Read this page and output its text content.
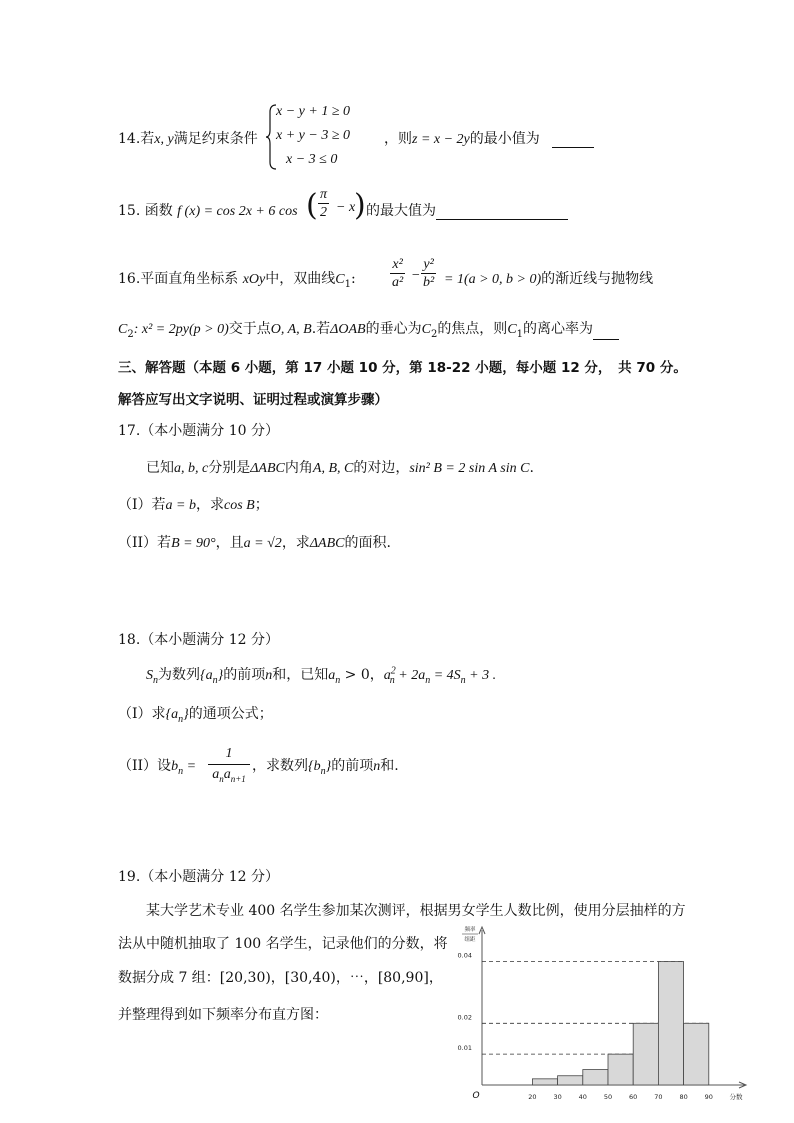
14.若x, y满足约束条件
x − y + 1 ≥ 0
x + y − 3 ≥ 0
x − 3 ≤ 0
，则z = x − 2y的最小值为
15. 函数 f (x) = cos 2x + 6 cos ( $\frac{\pi}{2} - x$
) 的最大值为
16.平面直角坐标系 xOy中，双曲线$C_1$: $\frac{\text{x²}}{\text{a²}} - \frac{\text{y²}}{\text{b²}} = 1(a > 0$, b > 0)的渐近线与抛物线
$C_2$: x² = 2py(p > 0)交于点O, A, B.若ΔOAB的垂心为$C_2$的焦点，则$C_1$的离心率为
三、解答题（本题 6 小题，第 17 小题 10 分，第 18-22 小题，每小题 12 分，　共 70 分。
解答应写出文字说明、证明过程或演算步骤）
17.（本小题满分 10 分）
已知a, b, c分别是ΔABC内角A, B, C的对边，sin² B = 2 sin A sin C.
（I）若a = b，求cos B；
（II）若B = 90°，且a = √2，求ΔABC的面积.
18.（本小题满分 12 分）
$S_n$为数列$\{a_n\}$的前项n和，已知$a_n > 0$，$a^2_n + 2a_n = 4S_n + 3$ .
（I）求$\{a_n\}$的通项公式；
（II）设$b_n$ =
1
$a_na_{n+1}$
，求数列$\{b_n\}$的前项n和.
19.（本小题满分 12 分）
某大学艺术专业 400 名学生参加某次测评，根据男女学生人数比例，使用分层抽样的方
法从中随机抽取了 100 名学生，记录他们的分数，将
数据分成 7 组：[20,30)，[30,40)，⋯，[80,90]，
并整理得到如下频率分布直方图：
0.01
0.02
0.04
20	30	40	50	60	70	80	90
频率
组距
分数
O
